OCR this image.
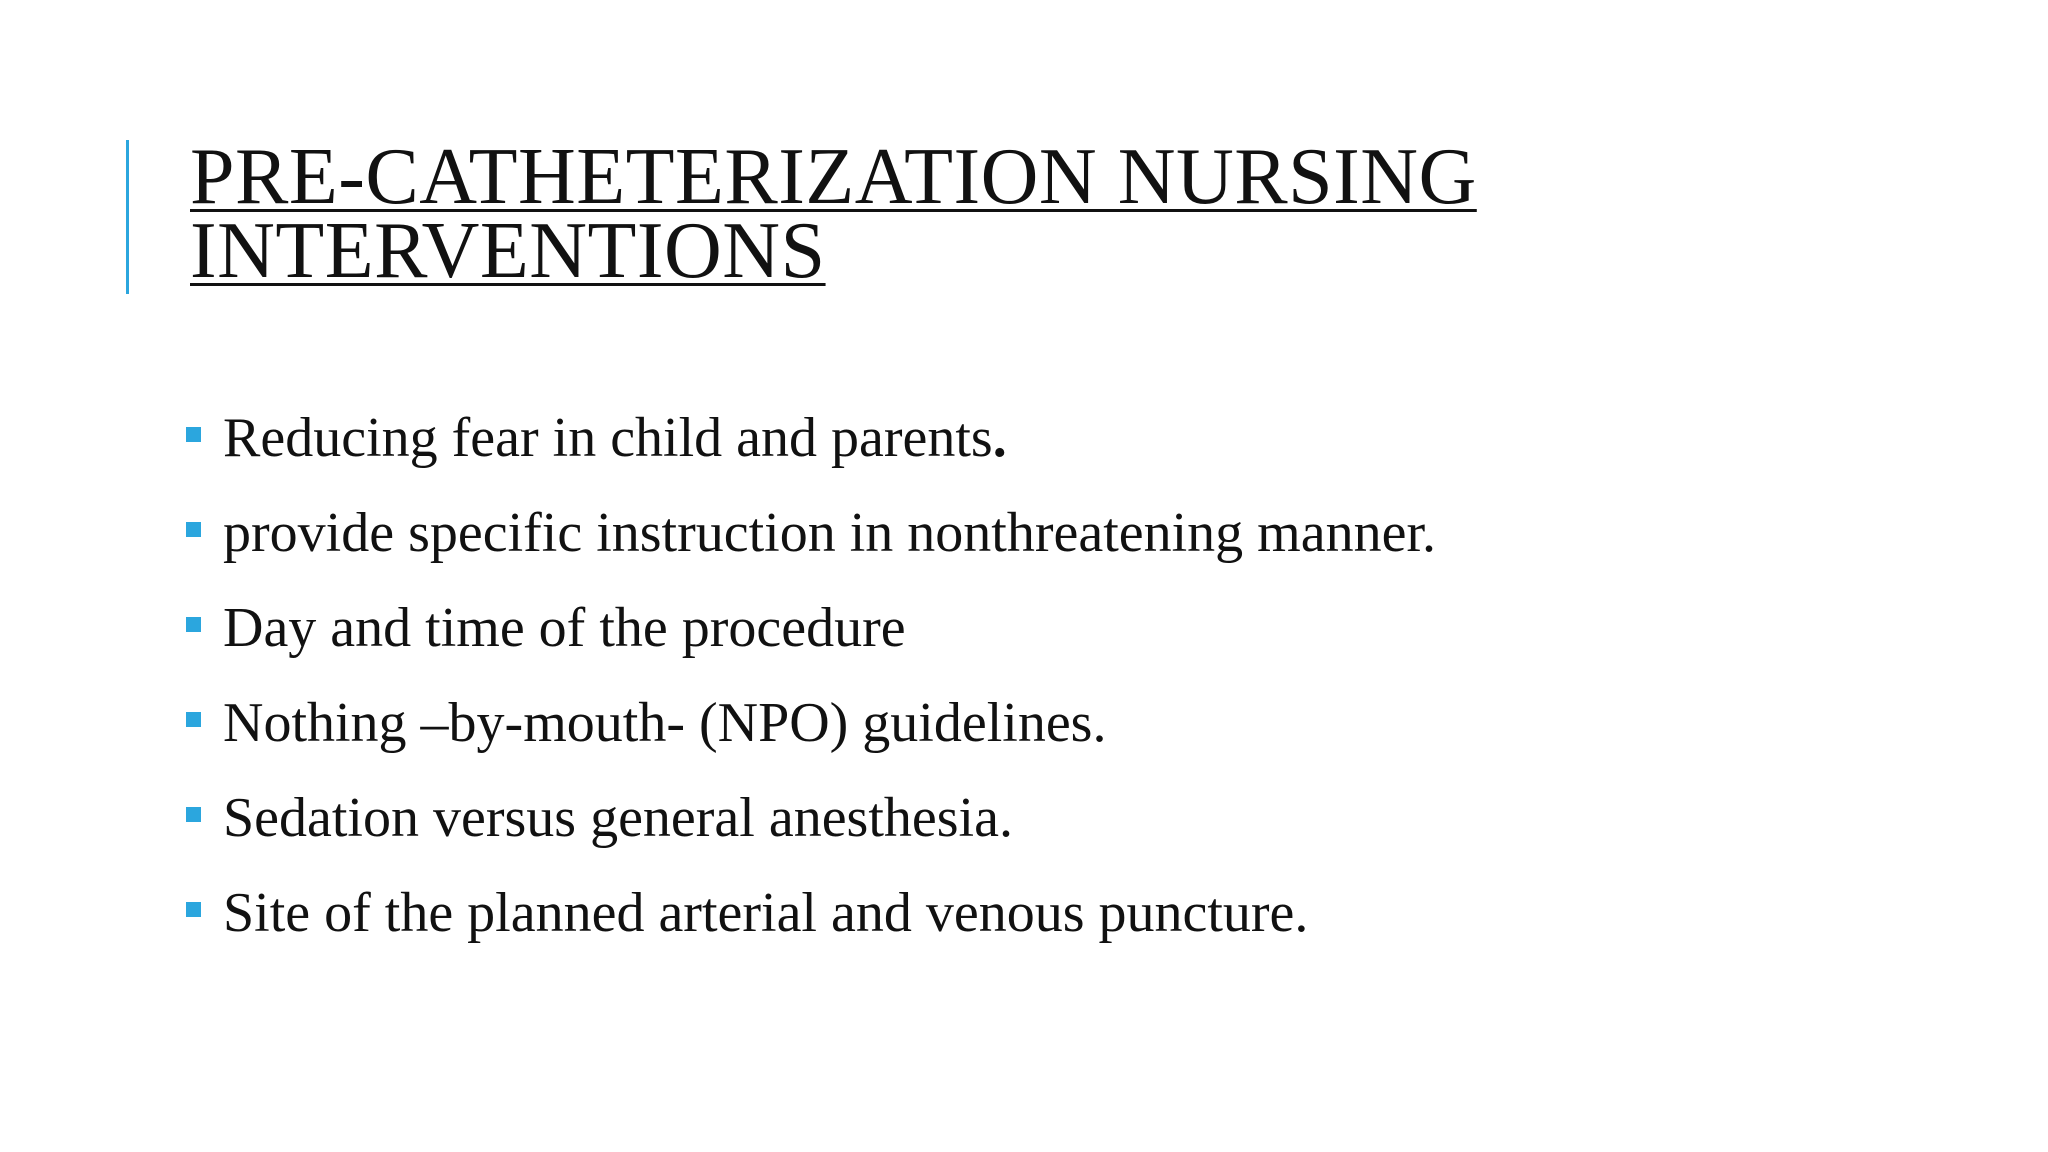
PRE-CATHETERIZATION NURSING
INTERVENTIONS
Reducing fear in child and parents.
provide specific instruction in nonthreatening manner.
Day and time of the procedure
Nothing –by-mouth- (NPO) guidelines.
Sedation versus general anesthesia.
Site of the planned arterial and venous puncture.
